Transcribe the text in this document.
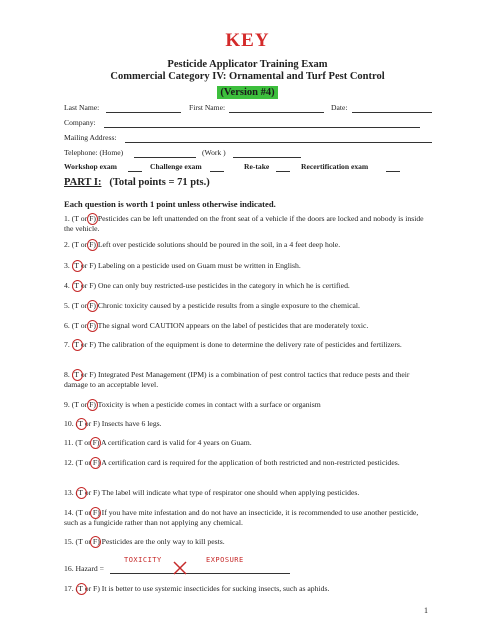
KEY
Pesticide Applicator Training Exam
Commercial Category IV: Ornamental and Turf Pest Control
(Version #4)
Last Name:	First Name:	Date:
Company:
Mailing Address:
Telephone: (Home)	(Work )
Workshop exam	Challenge exam	Re-take	Recertification exam
PART I: (Total points = 71 pts.)
Each question is worth 1 point unless otherwise indicated.
1. (T or
F) Pesticides can be left unattended on the front seat of a vehicle if the doors are locked and nobody is inside the vehicle.
2. (T or
F) Left over pesticide solutions should be poured in the soil, in a 4 feet deep hole.
3. (
T or F) Labeling on a pesticide used on Guam must be written in English.
4. (
T or F) One can only buy restricted-use pesticides in the category in which he is certified.
5. (T or
F) Chronic toxicity caused by a pesticide results from a single exposure to the chemical.
6. (T or
F) The signal word CAUTION appears on the label of pesticides that are moderately toxic.
7. (
T or F) The calibration of the equipment is done to determine the delivery rate of pesticides and fertilizers.
8. (
T or F) Integrated Pest Management (IPM) is a combination of pest control tactics that reduce pests and their damage to an acceptable level.
9. (T or
F) Toxicity is when a pesticide comes in contact with a surface or organism
10. (
T or F) Insects have 6 legs.
11. (T or
F) A certification card is valid for 4 years on Guam.
12. (T or
F) A certification card is required for the application of both restricted and non-restricted pesticides.
13. (
T or F) The label will indicate what type of respirator one should when applying pesticides.
14. (T or
F) If you have mite infestation and do not have an insecticide, it is recommended to use another pesticide, such as a fungicide rather than not applying any chemical.
15. (T or
F) Pesticides are the only way to kill pests.
16. Hazard =
TOXICITY	EXPOSURE
17. (
T or F) It is better to use systemic insecticides for sucking insects, such as aphids.
1
